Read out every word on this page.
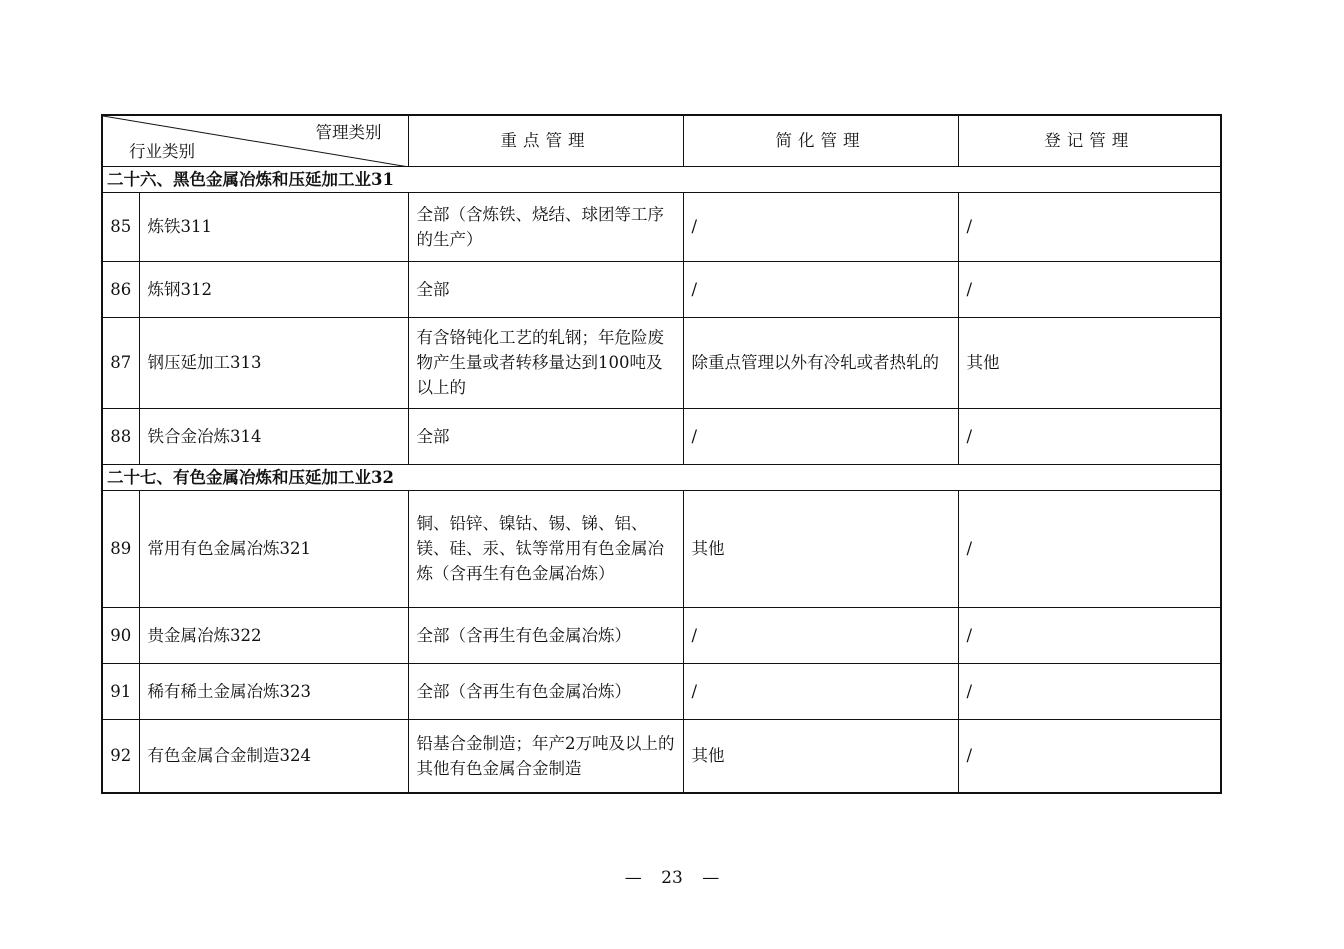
管理类别
行业类别		重点管理	简化管理	登记管理
二十六、黑色金属冶炼和压延加工业31				
85	炼铁311	全部（含炼铁、烧结、球团等工序的生产）	/	/
86	炼钢312	全部	/	/
87	钢压延加工313	有含铬钝化工艺的轧钢；年危险废物产生量或者转移量达到100吨及以上的	除重点管理以外有冷轧或者热轧的	其他
88	铁合金冶炼314	全部	/	/
二十七、有色金属冶炼和压延加工业32				
89	常用有色金属冶炼321	铜、铅锌、镍钴、锡、锑、铝、镁、硅、汞、钛等常用有色金属冶炼（含再生有色金属冶炼）	其他	/
90	贵金属冶炼322	全部（含再生有色金属冶炼）	/	/
91	稀有稀土金属冶炼323	全部（含再生有色金属冶炼）	/	/
92	有色金属合金制造324	铅基合金制造；年产2万吨及以上的其他有色金属合金制造	其他	/
— 23 —
